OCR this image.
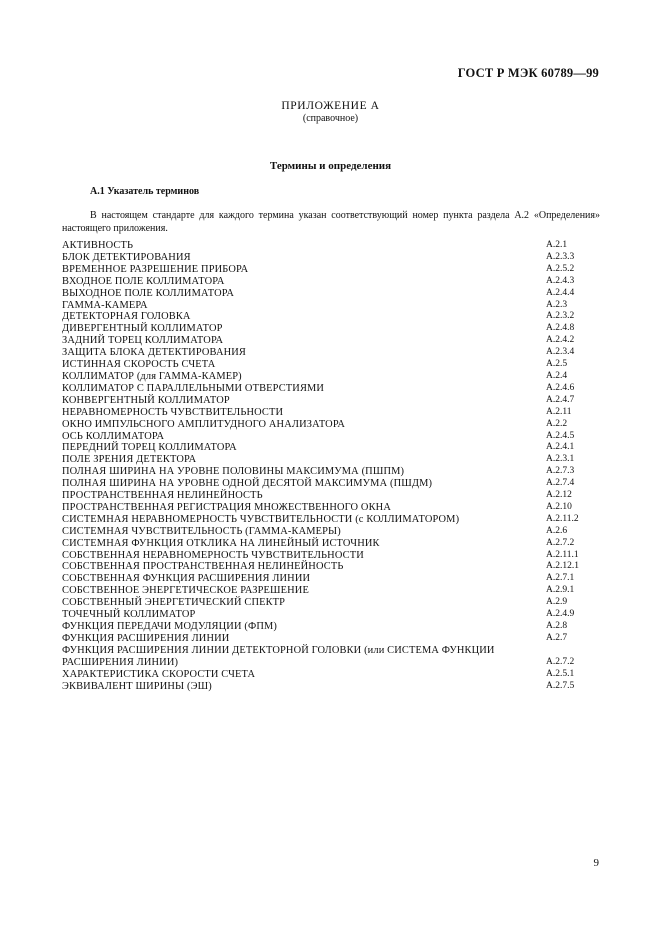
ГОСТ Р МЭК 60789—99
ПРИЛОЖЕНИЕ А
(справочное)
Термины и определения
А.1 Указатель терминов
В настоящем стандарте для каждого термина указан соответствующий номер пункта раздела А.2 «Определения» настоящего приложения.
АКТИВНОСТЬ	А.2.1
БЛОК ДЕТЕКТИРОВАНИЯ	А.2.3.3
ВРЕМЕННОЕ РАЗРЕШЕНИЕ ПРИБОРА	А.2.5.2
ВХОДНОЕ ПОЛЕ КОЛЛИМАТОРА	А.2.4.3
ВЫХОДНОЕ ПОЛЕ КОЛЛИМАТОРА	А.2.4.4
ГАММА-КАМЕРА	А.2.3
ДЕТЕКТОРНАЯ ГОЛОВКА	А.2.3.2
ДИВЕРГЕНТНЫЙ КОЛЛИМАТОР	А.2.4.8
ЗАДНИЙ ТОРЕЦ КОЛЛИМАТОРА	А.2.4.2
ЗАЩИТА БЛОКА ДЕТЕКТИРОВАНИЯ	А.2.3.4
ИСТИННАЯ СКОРОСТЬ СЧЕТА	А.2.5
КОЛЛИМАТОР (для ГАММА-КАМЕР)	А.2.4
КОЛЛИМАТОР С ПАРАЛЛЕЛЬНЫМИ ОТВЕРСТИЯМИ	А.2.4.6
КОНВЕРГЕНТНЫЙ КОЛЛИМАТОР	А.2.4.7
НЕРАВНОМЕРНОСТЬ ЧУВСТВИТЕЛЬНОСТИ	А.2.11
ОКНО ИМПУЛЬСНОГО АМПЛИТУДНОГО АНАЛИЗАТОРА	А.2.2
ОСЬ КОЛЛИМАТОРА	А.2.4.5
ПЕРЕДНИЙ ТОРЕЦ КОЛЛИМАТОРА	А.2.4.1
ПОЛЕ ЗРЕНИЯ ДЕТЕКТОРА	А.2.3.1
ПОЛНАЯ ШИРИНА НА УРОВНЕ ПОЛОВИНЫ МАКСИМУМА (ПШПМ)	А.2.7.3
ПОЛНАЯ ШИРИНА НА УРОВНЕ ОДНОЙ ДЕСЯТОЙ МАКСИМУМА (ПШДМ)	А.2.7.4
ПРОСТРАНСТВЕННАЯ НЕЛИНЕЙНОСТЬ	А.2.12
ПРОСТРАНСТВЕННАЯ РЕГИСТРАЦИЯ МНОЖЕСТВЕННОГО ОКНА	А.2.10
СИСТЕМНАЯ НЕРАВНОМЕРНОСТЬ ЧУВСТВИТЕЛЬНОСТИ (с КОЛЛИМАТОРОМ)	А.2.11.2
СИСТЕМНАЯ ЧУВСТВИТЕЛЬНОСТЬ (ГАММА-КАМЕРЫ)	А.2.6
СИСТЕМНАЯ ФУНКЦИЯ ОТКЛИКА НА ЛИНЕЙНЫЙ ИСТОЧНИК	А.2.7.2
СОБСТВЕННАЯ НЕРАВНОМЕРНОСТЬ ЧУВСТВИТЕЛЬНОСТИ	А.2.11.1
СОБСТВЕННАЯ ПРОСТРАНСТВЕННАЯ НЕЛИНЕЙНОСТЬ	А.2.12.1
СОБСТВЕННАЯ ФУНКЦИЯ РАСШИРЕНИЯ ЛИНИИ	А.2.7.1
СОБСТВЕННОЕ ЭНЕРГЕТИЧЕСКОЕ РАЗРЕШЕНИЕ	А.2.9.1
СОБСТВЕННЫЙ ЭНЕРГЕТИЧЕСКИЙ СПЕКТР	А.2.9
ТОЧЕЧНЫЙ КОЛЛИМАТОР	А.2.4.9
ФУНКЦИЯ ПЕРЕДАЧИ МОДУЛЯЦИИ (ФПМ)	А.2.8
ФУНКЦИЯ РАСШИРЕНИЯ ЛИНИИ	А.2.7
ФУНКЦИЯ РАСШИРЕНИЯ ЛИНИИ ДЕТЕКТОРНОЙ ГОЛОВКИ (или СИСТЕМА ФУНКЦИИ РАСШИРЕНИЯ ЛИНИИ)	А.2.7.2
ХАРАКТЕРИСТИКА СКОРОСТИ СЧЕТА	А.2.5.1
ЭКВИВАЛЕНТ ШИРИНЫ (ЭШ)	А.2.7.5
9
